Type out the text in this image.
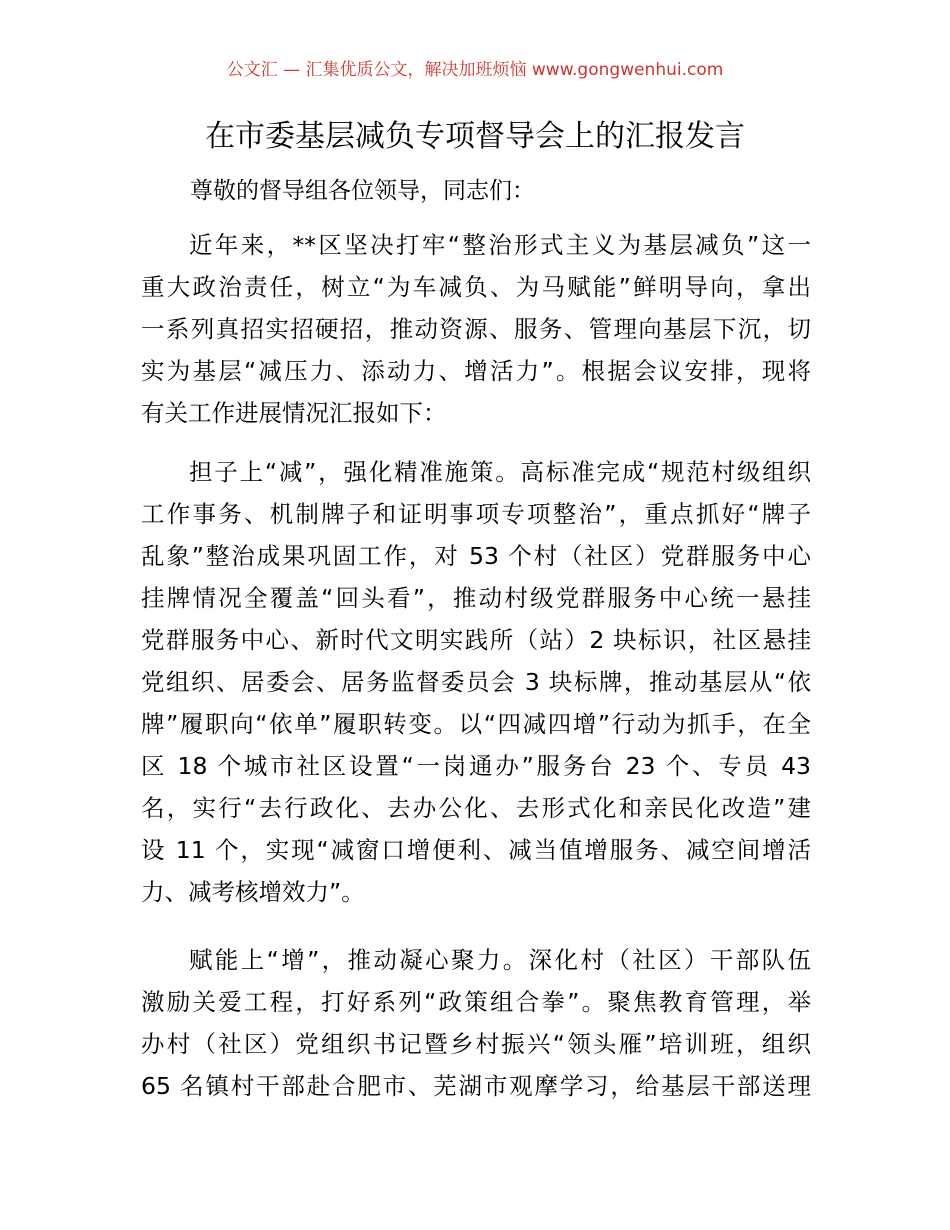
公文汇 — 汇集优质公文，解决加班烦恼 www.gongwenhui.com
在市委基层减负专项督导会上的汇报发言
尊敬的督导组各位领导，同志们：
近年来，**区坚决打牢“整治形式主义为基层减负”这一
重大政治责任，树立“为车减负、为马赋能”鲜明导向，拿出
一系列真招实招硬招，推动资源、服务、管理向基层下沉，切
实为基层“减压力、添动力、增活力”。根据会议安排，现将
有关工作进展情况汇报如下：
担子上“减”，强化精准施策。高标准完成“规范村级组织
工作事务、机制牌子和证明事项专项整治”，重点抓好“牌子
乱象”整治成果巩固工作，对 53 个村（社区）党群服务中心
挂牌情况全覆盖“回头看”，推动村级党群服务中心统一悬挂
党群服务中心、新时代文明实践所（站）2 块标识，社区悬挂
党组织、居委会、居务监督委员会 3 块标牌，推动基层从“依
牌”履职向“依单”履职转变。以“四减四增”行动为抓手，在全
区 18 个城市社区设置“一岗通办”服务台 23 个、专员 43
名，实行“去行政化、去办公化、去形式化和亲民化改造”建
设 11 个，实现“减窗口增便利、减当值增服务、减空间增活
力、减考核增效力”。
赋能上“增”，推动凝心聚力。深化村（社区）干部队伍
激励关爱工程，打好系列“政策组合拳”。聚焦教育管理，举
办村（社区）党组织书记暨乡村振兴“领头雁”培训班，组织
65 名镇村干部赴合肥市、芜湖市观摩学习，给基层干部送理
